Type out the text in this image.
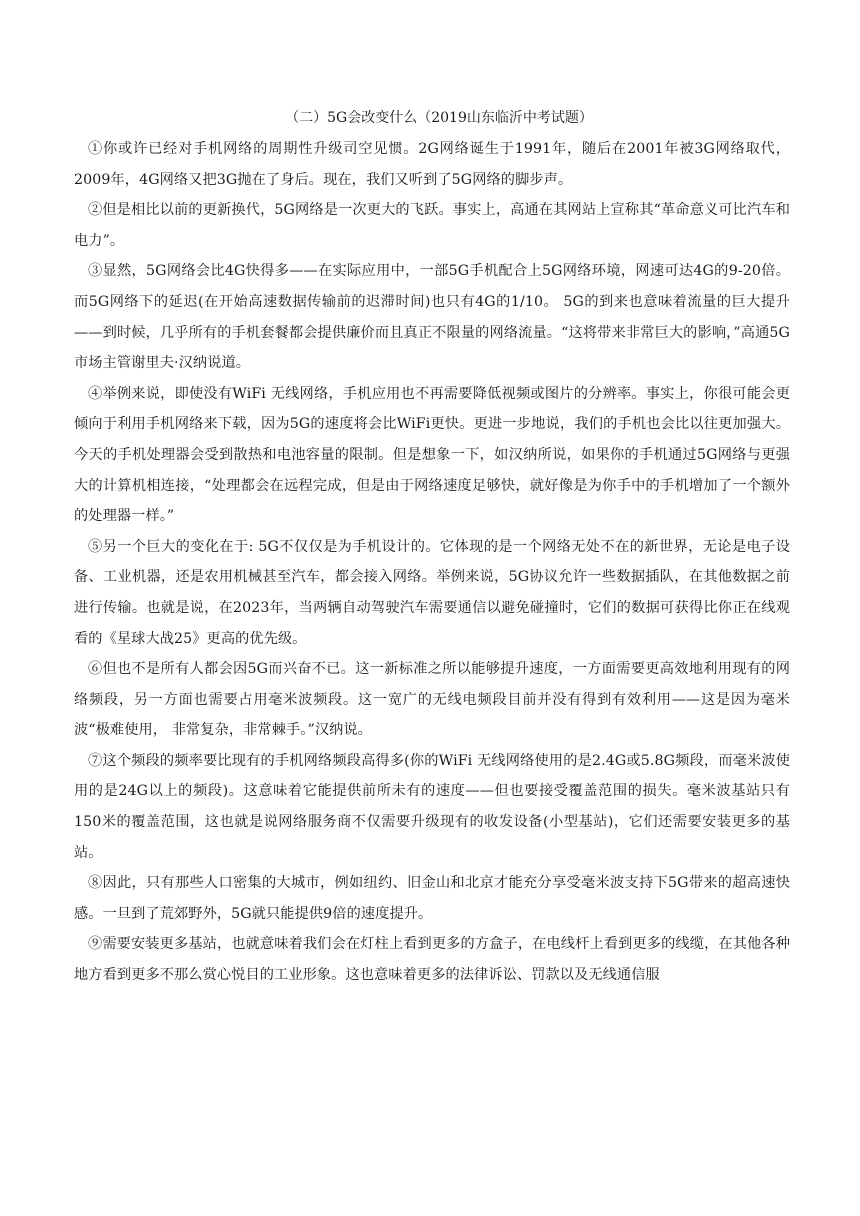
（二）5G会改变什么（2019山东临沂中考试题）

①你或许已经对手机网络的周期性升级司空见惯。2G网络诞生于1991年，随后在2001年被3G网络取代，2009年，4G网络又把3G抛在了身后。现在，我们又听到了5G网络的脚步声。

②但是相比以前的更新换代，5G网络是一次更大的飞跃。事实上，高通在其网站上宣称其“革命意义可比汽车和电力”。

③显然，5G网络会比4G快得多——在实际应用中，一部5G手机配合上5G网络环境，网速可达4G的9-20倍。而5G网络下的延迟(在开始高速数据传输前的迟滞时间)也只有4G的1/10。 5G的到来也意味着流量的巨大提升——到时候，几乎所有的手机套餐都会提供廉价而且真正不限量的网络流量。“这将带来非常巨大的影响，”高通5G市场主管谢里夫·汉纳说道。

④举例来说，即使没有WiFi 无线网络，手机应用也不再需要降低视频或图片的分辨率。事实上，你很可能会更倾向于利用手机网络来下载，因为5G的速度将会比WiFi更快。更进一步地说，我们的手机也会比以往更加强大。今天的手机处理器会受到散热和电池容量的限制。但是想象一下，如汉纳所说，如果你的手机通过5G网络与更强大的计算机相连接，“处理都会在远程完成，但是由于网络速度足够快，就好像是为你手中的手机增加了一个额外的处理器一样。”

⑤另一个巨大的变化在于: 5G不仅仅是为手机设计的。它体现的是一个网络无处不在的新世界，无论是电子设备、工业机器，还是农用机械甚至汽车，都会接入网络。举例来说，5G协议允许一些数据插队，在其他数据之前进行传输。也就是说，在2023年，当两辆自动驾驶汽车需要通信以避免碰撞时，它们的数据可获得比你正在线观看的《星球大战25》更高的优先级。

⑥但也不是所有人都会因5G而兴奋不已。这一新标准之所以能够提升速度，一方面需要更高效地利用现有的网络频段，另一方面也需要占用毫米波频段。这一宽广的无线电频段目前并没有得到有效利用——这是因为毫米波“极难使用， 非常复杂，非常棘手。”汉纳说。

⑦这个频段的频率要比现有的手机网络频段高得多(你的WiFi 无线网络使用的是2.4G或5.8G频段，而毫米波使用的是24G以上的频段)。这意味着它能提供前所未有的速度——但也要接受覆盖范围的损失。毫米波基站只有150米的覆盖范围，这也就是说网络服务商不仅需要升级现有的收发设备(小型基站)，它们还需要安装更多的基站。

⑧因此，只有那些人口密集的大城市，例如纽约、旧金山和北京才能充分享受毫米波支持下5G带来的超高速快感。一旦到了荒郊野外，5G就只能提供9倍的速度提升。

⑨需要安装更多基站，也就意味着我们会在灯柱上看到更多的方盒子，在电线杆上看到更多的线缆，在其他各种地方看到更多不那么赏心悦目的工业形象。这也意味着更多的法律诉讼、罚款以及无线通信服
